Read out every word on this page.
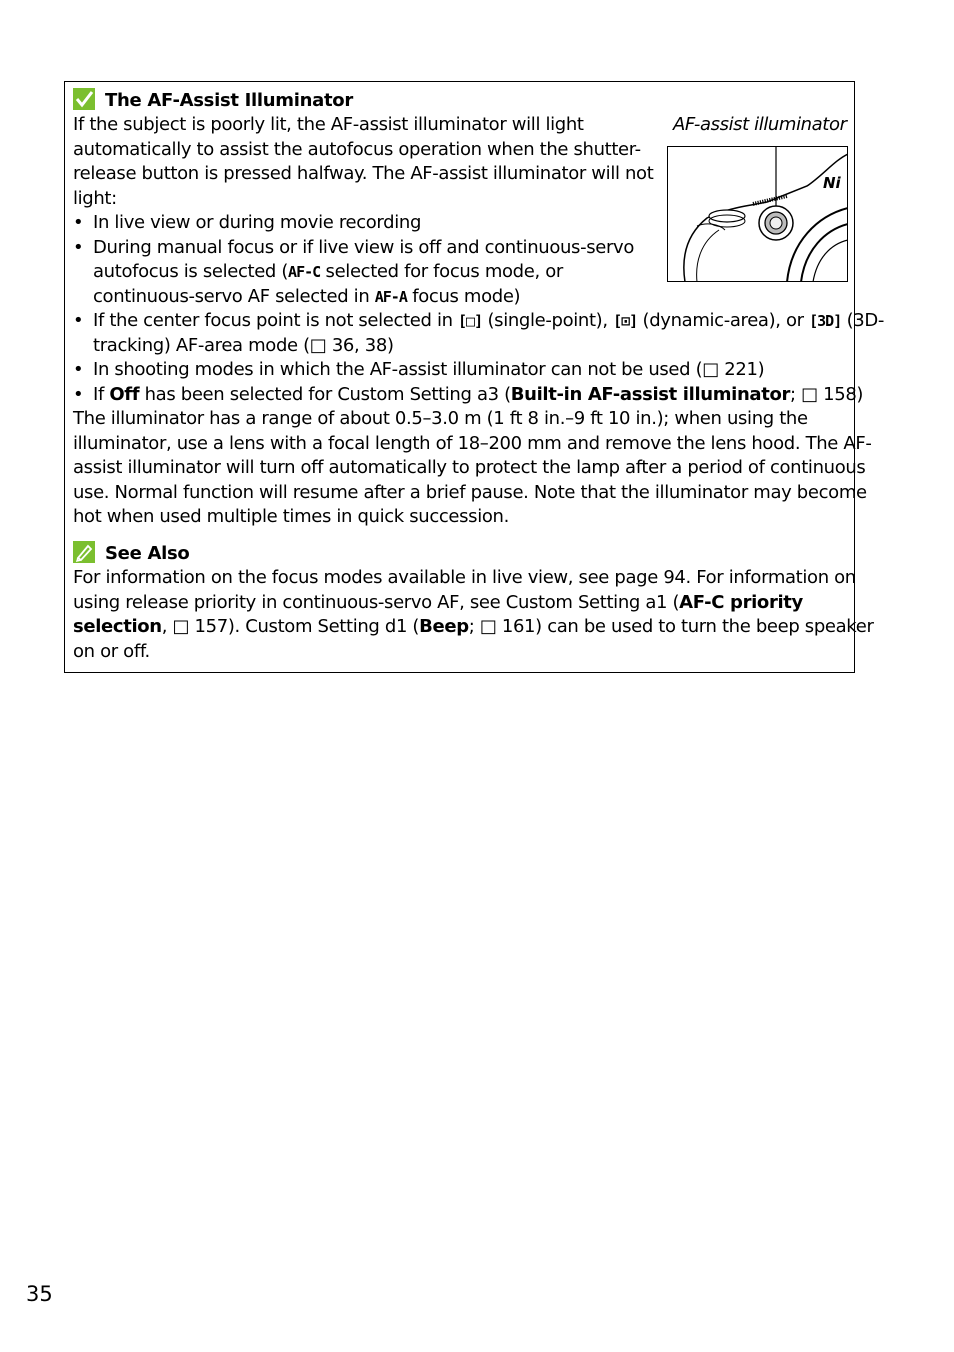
The AF-Assist Illuminator
If the subject is poorly lit, the AF-assist illuminator will light
automatically to assist the autofocus operation when the shutter-
release button is pressed halfway. The AF-assist illuminator will not
light:
AF-assist illuminator
Ni
• In live view or during movie recording
• During manual focus or if live view is off and continuous-servo
autofocus is selected (AF-C selected for focus mode, or
continuous-servo AF selected in AF-A focus mode)
• If the center focus point is not selected in [□] (single-point), [⊡] (dynamic-area), or [3D] (3D-
tracking) AF-area mode (□ 36, 38)
• In shooting modes in which the AF-assist illuminator can not be used (□ 221)
• If Off has been selected for Custom Setting a3 (Built-in AF-assist illuminator; □ 158)
The illuminator has a range of about 0.5–3.0 m (1 ft 8 in.–9 ft 10 in.); when using the
illuminator, use a lens with a focal length of 18–200 mm and remove the lens hood. The AF-
assist illuminator will turn off automatically to protect the lamp after a period of continuous
use. Normal function will resume after a brief pause. Note that the illuminator may become
hot when used multiple times in quick succession.
See Also
For information on the focus modes available in live view, see page 94. For information on
using release priority in continuous-servo AF, see Custom Setting a1 (AF-C priority
selection, □ 157). Custom Setting d1 (Beep; □ 161) can be used to turn the beep speaker
on or off.
35
